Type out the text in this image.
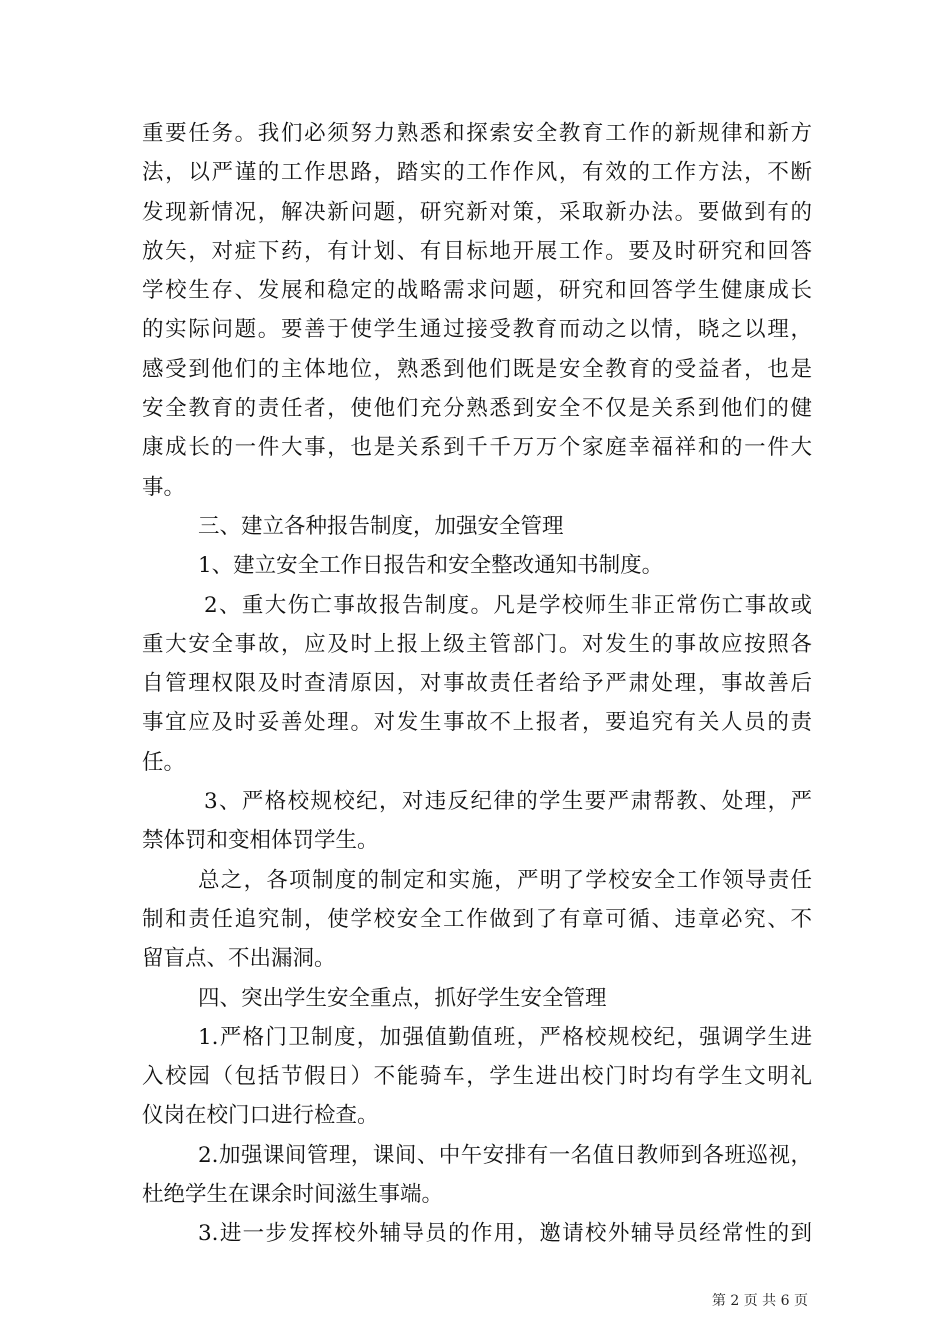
重要任务。我们必须努力熟悉和探索安全教育工作的新规律和新方
法，以严谨的工作思路，踏实的工作作风，有效的工作方法，不断
发现新情况，解决新问题，研究新对策，采取新办法。要做到有的
放矢，对症下药，有计划、有目标地开展工作。要及时研究和回答
学校生存、发展和稳定的战略需求问题，研究和回答学生健康成长
的实际问题。要善于使学生通过接受教育而动之以情，晓之以理，
感受到他们的主体地位，熟悉到他们既是安全教育的受益者，也是
安全教育的责任者，使他们充分熟悉到安全不仅是关系到他们的健
康成长的一件大事，也是关系到千千万万个家庭幸福祥和的一件大
事。
三、建立各种报告制度，加强安全管理
1、建立安全工作日报告和安全整改通知书制度。
2、重大伤亡事故报告制度。凡是学校师生非正常伤亡事故或
重大安全事故，应及时上报上级主管部门。对发生的事故应按照各
自管理权限及时查清原因，对事故责任者给予严肃处理，事故善后
事宜应及时妥善处理。对发生事故不上报者，要追究有关人员的责
任。
3、严格校规校纪，对违反纪律的学生要严肃帮教、处理，严
禁体罚和变相体罚学生。
总之，各项制度的制定和实施，严明了学校安全工作领导责任
制和责任追究制，使学校安全工作做到了有章可循、违章必究、不
留盲点、不出漏洞。
四、突出学生安全重点，抓好学生安全管理
1.严格门卫制度，加强值勤值班，严格校规校纪，强调学生进
入校园（包括节假日）不能骑车，学生进出校门时均有学生文明礼
仪岗在校门口进行检查。
2.加强课间管理，课间、中午安排有一名值日教师到各班巡视，
杜绝学生在课余时间滋生事端。
3.进一步发挥校外辅导员的作用，邀请校外辅导员经常性的到
第 2 页 共 6 页
